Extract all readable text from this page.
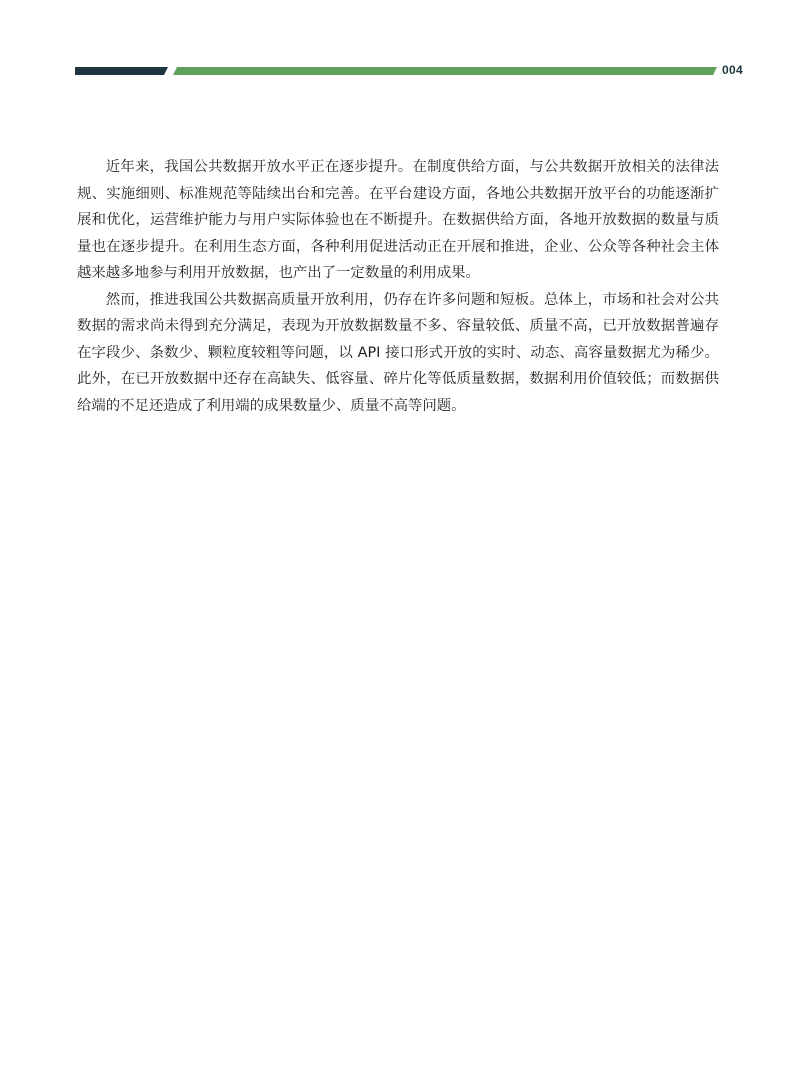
004

近年来，我国公共数据开放水平正在逐步提升。在制度供给方面，与公共数据开放相关的法律法规、实施细则、标准规范等陆续出台和完善。在平台建设方面，各地公共数据开放平台的功能逐渐扩展和优化，运营维护能力与用户实际体验也在不断提升。在数据供给方面，各地开放数据的数量与质量也在逐步提升。在利用生态方面，各种利用促进活动正在开展和推进，企业、公众等各种社会主体越来越多地参与利用开放数据，也产出了一定数量的利用成果。

然而，推进我国公共数据高质量开放利用，仍存在许多问题和短板。总体上，市场和社会对公共数据的需求尚未得到充分满足，表现为开放数据数量不多、容量较低、质量不高，已开放数据普遍存在字段少、条数少、颗粒度较粗等问题，以 API 接口形式开放的实时、动态、高容量数据尤为稀少。此外，在已开放数据中还存在高缺失、低容量、碎片化等低质量数据，数据利用价值较低；而数据供给端的不足还造成了利用端的成果数量少、质量不高等问题。
